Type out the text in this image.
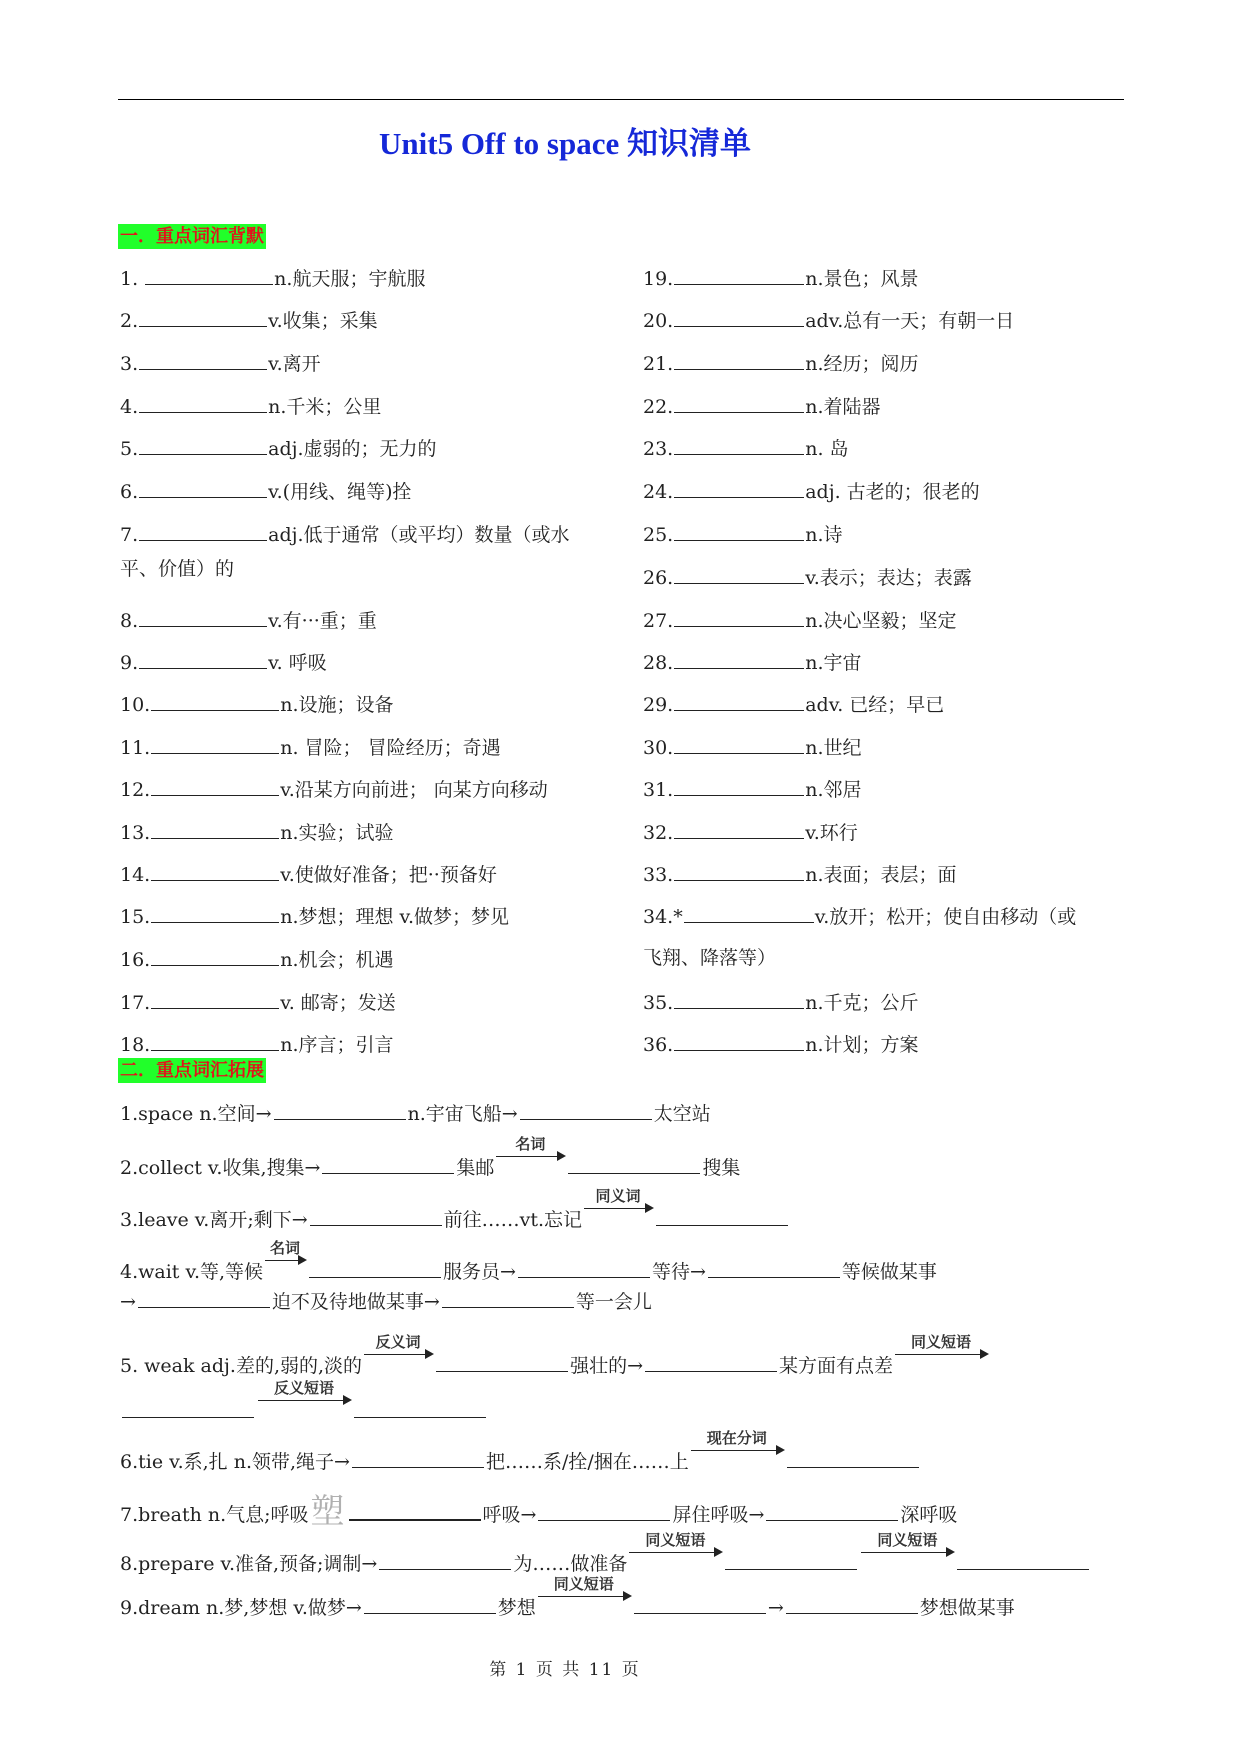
Unit5 Off to space 知识清单
一．重点词汇背默
1.	n.航天服；宇航服
2.	v.收集；采集
3.	v.离开
4.	n.千米；公里
5.	adj.虚弱的；无力的
6.	v.(用线、绳等)拴
7.	adj.低于通常（或平均）数量（或水
平、价值）的
8.	v.有···重；重
9.	v. 呼吸
10.	n.设施；设备
11.	n. 冒险； 冒险经历；奇遇
12.	v.沿某方向前进； 向某方向移动
13.	n.实验；试验
14.	v.使做好准备；把··预备好
15.	n.梦想；理想 v.做梦；梦见
16.	n.机会；机遇
17.	v. 邮寄；发送
18.	n.序言；引言
19.	n.景色；风景
20.	adv.总有一天；有朝一日
21.	n.经历；阅历
22.	n.着陆器
23.	n. 岛
24.	adj. 古老的；很老的
25.	n.诗
26.	v.表示；表达；表露
27.	n.决心坚毅；坚定
28.	n.宇宙
29.	adv. 已经；早已
30.	n.世纪
31.	n.邻居
32.	v.环行
33.	n.表面；表层；面
34.*	v.放开；松开；使自由移动（或
飞翔、降落等）
35.	n.千克；公斤
36.	n.计划；方案
二．重点词汇拓展
1.space n.空间→	n.宇宙飞船→	太空站
2.collect v.收集,搜集→	集邮
名词
搜集
3.leave v.离开;剩下→	前往……vt.忘记
同义词
4.wait v.等,等候
名词
服务员→	等待→	等候做某事
→	迫不及待地做某事→	等一会儿
5. weak adj.差的,弱的,淡的
反义词
强壮的→	某方面有点差
同义短语
反义短语
6.tie v.系,扎 n.领带,绳子→	把……系/拴/捆在……上
现在分词
7.breath n.气息;呼吸塑	呼吸→	屏住呼吸→	深呼吸
8.prepare v.准备,预备;调制→	为……做准备
同义短语	同义短语
9.dream n.梦,梦想 v.做梦→	梦想
同义短语
→	梦想做某事
第 1 页 共 11 页
